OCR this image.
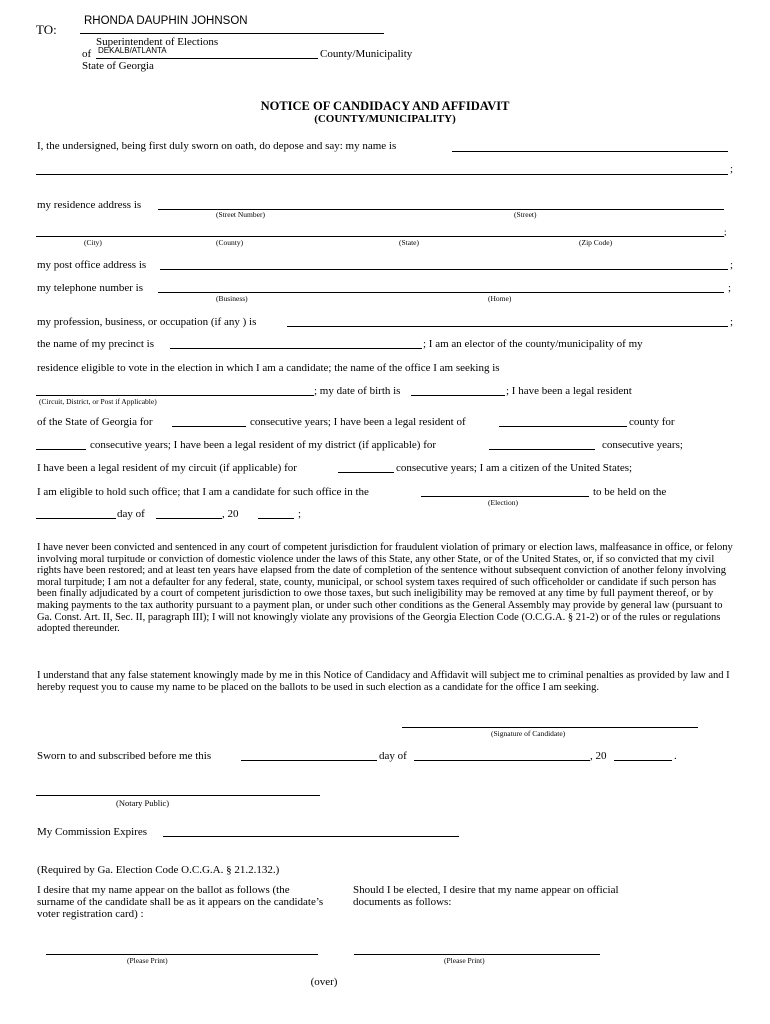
TO:
RHONDA DAUPHIN JOHNSON
Superintendent of Elections
of DEKALB/ATLANTA	County/Municipality
State of Georgia
NOTICE OF CANDIDACY AND AFFIDAVIT
(COUNTY/MUNICIPALITY)
I, the undersigned, being first duly sworn on oath, do depose and say: my name is
;
my residence address is
(Street Number)	(Street)
;
(City)	(County)	(State)	(Zip Code)
my post office address is	;
my telephone number is	;
(Business)	(Home)
my profession, business, or occupation (if any ) is	;
the name of my precinct is	; I am an elector of the county/municipality of my
residence eligible to vote in the election in which I am a candidate; the name of the office I am seeking is
; my date of birth is	; I have been a legal resident
(Circuit, District, or Post if Applicable)
of the State of Georgia for	consecutive years; I have been a legal resident of	county for
consecutive years; I have been a legal resident of my district (if applicable) for	consecutive years;
I have been a legal resident of my circuit (if applicable) for	consecutive years; I am a citizen of the United States;
I am eligible to hold such office; that I am a candidate for such office in the	to be held on the
(Election)
day of	, 20	;
I have never been convicted and sentenced in any court of competent jurisdiction for fraudulent violation of primary or election laws, malfeasance in office, or felony involving moral turpitude or conviction of domestic violence under the laws of this State, any other State, or of the United States, or, if so convicted that my civil rights have been restored; and at least ten years have elapsed from the date of completion of the sentence without subsequent conviction of another felony involving moral turpitude; I am not a defaulter for any federal, state, county, municipal, or school system taxes required of such officeholder or candidate if such person has been finally adjudicated by a court of competent jurisdiction to owe those taxes, but such ineligibility may be removed at any time by full payment thereof, or by making payments to the tax authority pursuant to a payment plan, or under such other conditions as the General Assembly may provide by general law (pursuant to Ga. Const. Art. II, Sec. II, paragraph III); I will not knowingly violate any provisions of the Georgia Election Code (O.C.G.A. § 21-2) or of the rules or regulations adopted thereunder.
I understand that any false statement knowingly made by me in this Notice of Candidacy and Affidavit will subject me to criminal penalties as provided by law and I hereby request you to cause my name to be placed on the ballots to be used in such election as a candidate for the office I am seeking.
(Signature of Candidate)
Sworn to and subscribed before me this	day of	, 20	.
(Notary Public)
My Commission Expires
(Required by Ga. Election Code O.C.G.A. § 21.2.132.)
I desire that my name appear on the ballot as follows (the surname of the candidate shall be as it appears on the candidate’s voter registration card) :
Should I be elected, I desire that my name appear on official documents as follows:
(Please Print)	(Please Print)
(over)
